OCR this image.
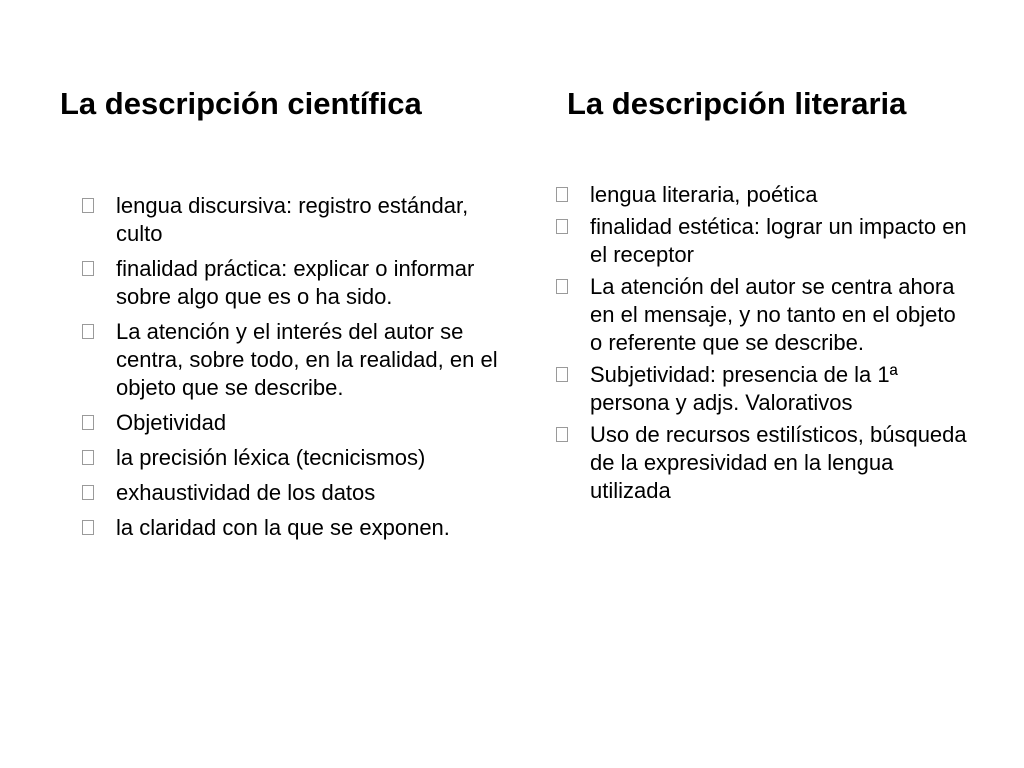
La descripción científica
lengua discursiva: registro estándar, culto
finalidad práctica: explicar o informar sobre algo que es o ha sido.
La atención y el interés del autor se centra, sobre todo, en la realidad, en el objeto que se describe.
Objetividad
la precisión léxica (tecnicismos)
exhaustividad de los datos
la claridad con la que se exponen.
La descripción literaria
lengua literaria, poética
finalidad estética: lograr un impacto en el receptor
La atención del autor se centra ahora en el mensaje, y no tanto en el objeto o referente que se describe.
Subjetividad: presencia de la 1ª persona y adjs. Valorativos
Uso de recursos estilísticos, búsqueda de la expresividad en la lengua utilizada
